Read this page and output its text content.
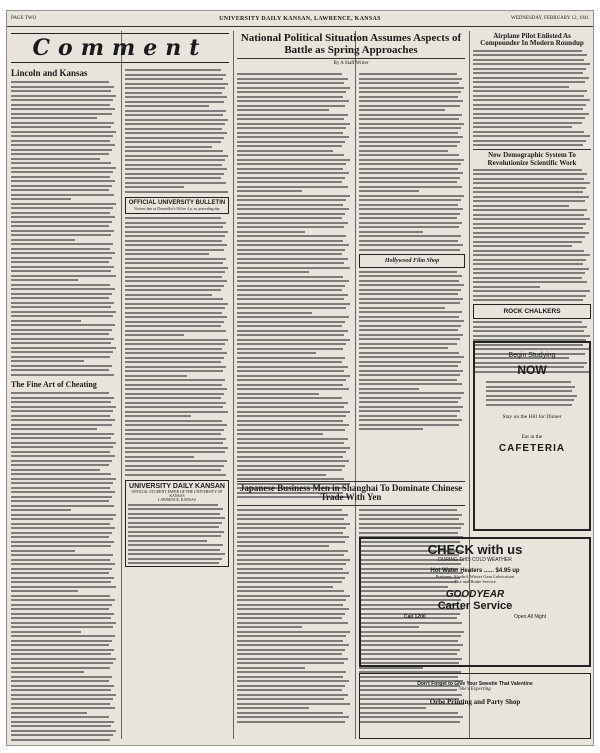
PAGE TWO	UNIVERSITY DAILY KANSAN, LAWRENCE, KANSAS	WEDNESDAY, FEBRUARY 12, 1941
Comment
Lincoln and Kansas
The Fine Art of Cheating
OFFICIAL UNIVERSITY BULLETIN
Notices due at Chancellor's Office 4 p. m. preceding day
UNIVERSITY DAILY KANSAN
OFFICIAL STUDENT PAPER OF THE UNIVERSITY OF KANSAS
LAWRENCE, KANSAS
National Political Situation Assumes Aspects of Battle as Spring Approaches
By A Staff Writer
Hollywood Film Shop
Japanese Business Men in Shanghai To Dominate Chinese Trade With Yen
Airplane Pilot Enlisted As Compounder In Modern Roundup
New Demographic System To Revolutionize Scientific Work
ROCK CHALKERS
Begin Studying
NOW
Stay on the Hill for Dinner
Eat at the
CAFETERIA
CHECK with us
DURING THIS COLD WEATHER
Hot Water Heaters ...... $4.95 up
Prestone, Alcohol, Winter Gear Lubrication
Tire and Brake Service
GOODYEAR
Carter Service
Call 1200	Open All Night
Don't Forget to Give Your Sweetie That Valentine
She's Expecting
Orbe Printing and Party Shop
